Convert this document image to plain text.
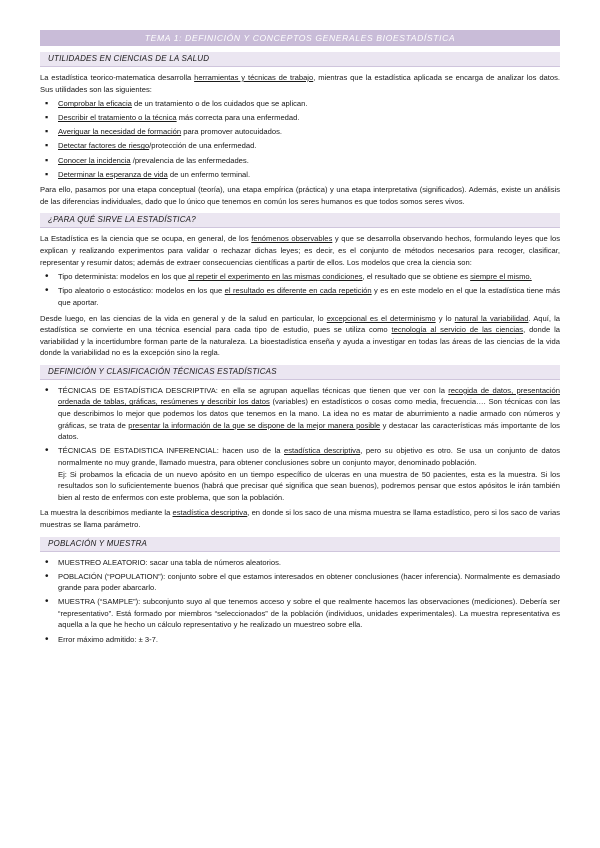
TEMA 1: DEFINICIÓN Y CONCEPTOS GENERALES BIOESTADÍSTICA
UTILIDADES EN CIENCIAS DE LA SALUD

La estadística teorico-matematica desarrolla herramientas y técnicas de trabajo, mientras que la estadística aplicada se encarga de analizar los datos. Sus utilidades son las siguientes:

▪ Comprobar la eficacia de un tratamiento o de los cuidados que se aplican.
▪ Describir el tratamiento o la técnica más correcta para una enfermedad.
▪ Averiguar la necesidad de formación para promover autocuidados.
▪ Detectar factores de riesgo/protección de una enfermedad.
▪ Conocer la incidencia /prevalencia de las enfermedades.
▪ Determinar la esperanza de vida de un enfermo terminal.

Para ello, pasamos por una etapa conceptual (teoría), una etapa empírica (práctica) y una etapa interpretativa (significados). Además, existe un análisis de las diferencias individuales, dado que lo único que tenemos en común los seres humanos es que todos somos seres vivos.

¿PARA QUÉ SIRVE LA ESTADÍSTICA?

La Estadística es la ciencia que se ocupa, en general, de los fenómenos observables y que se desarrolla observando hechos, formulando leyes que los explican y realizando experimentos para validar o rechazar dichas leyes; es decir, es el conjunto de métodos necesarios para recoger, clasificar, representar y resumir datos; además de extraer consecuencias científicas a partir de ellos. Los modelos que crea la ciencia son:

• Tipo determinista: modelos en los que al repetir el experimento en las mismas condiciones, el resultado que se obtiene es siempre el mismo.
• Tipo aleatorio o estocástico: modelos en los que el resultado es diferente en cada repetición y es en este modelo en el que la estadística tiene más que aportar.

Desde luego, en las ciencias de la vida en general y de la salud en particular, lo excepcional es el determinismo y lo natural la variabilidad. Aquí, la estadística se convierte en una técnica esencial para cada tipo de estudio, pues se utiliza como tecnología al servicio de las ciencias, donde la variabilidad y la incertidumbre forman parte de la naturaleza. La bioestadística enseña y ayuda a investigar en todas las áreas de las ciencias de la vida donde la variabilidad no es la excepción sino la regla.

DEFINICIÓN Y CLASIFICACIÓN TÉCNICAS ESTADÍSTICAS
• TÉCNICAS DE ESTADÍSTICA DESCRIPTIVA: en ella se agrupan aquellas técnicas que tienen que ver con la recogida de datos, presentación ordenada de tablas, gráficas, resúmenes y describir los datos (variables) en estadísticos o cosas como media, frecuencia…. Son técnicas con las que describimos lo mejor que podemos los datos que tenemos en la mano. La idea no es matar de aburrimiento a nadie armado con números y gráficas, se trata de presentar la información de la que se dispone de la mejor manera posible y destacar las características más importante de los datos.
• TÉCNICAS DE ESTADISTICA INFERENCIAL: hacen uso de la estadística descriptiva, pero su objetivo es otro. Se usa un conjunto de datos normalmente no muy grande, llamado muestra, para obtener conclusiones sobre un conjunto mayor, denominado población.
Ej: Si probamos la eficacia de un nuevo apósito en un tiempo específico de ulceras en una muestra de 50 pacientes, esta es la muestra. Si los resultados son lo suficientemente buenos (habrá que precisar qué significa que sean buenos), podremos pensar que estos apósitos le irán también bien al resto de enfermos con este problema, que son la población.

La muestra la describimos mediante la estadística descriptiva, en donde si los saco de una misma muestra se llama estadístico, pero si los saco de varias muestras se llama parámetro.

POBLACIÓN Y MUESTRA
• MUESTREO ALEATORIO: sacar una tabla de números aleatorios.
• POBLACIÓN (“POPULATION”): conjunto sobre el que estamos interesados en obtener conclusiones (hacer inferencia). Normalmente es demasiado grande para poder abarcarlo.
• MUESTRA (“SAMPLE”): subconjunto suyo al que tenemos acceso y sobre el que realmente hacemos las observaciones (mediciones). Debería ser “representativo”. Está formado por miembros “seleccionados” de la población (individuos, unidades experimentales). La muestra representativa es aquella a la que he hecho un cálculo representativo y he realizado un muestreo sobre ella.
• Error máximo admitido: ± 3-7.
